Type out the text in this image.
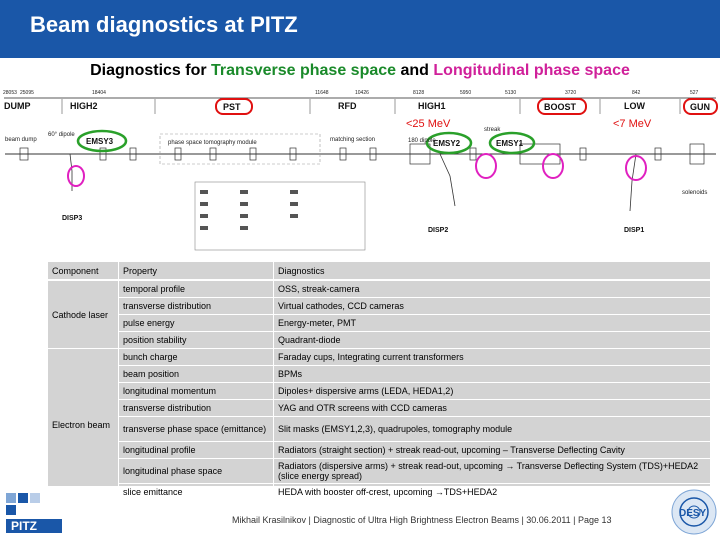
Beam diagnostics at PITZ
Diagnostics for Transverse phase space and Longitudinal phase space
28053 25095	18404	11648	10426	8128	5950	5130	3720	842	527
DUMP	HIGH2	PST	RFD	HIGH1	BOOST	LOW	GUN
<25 MeV	<7 MeV
EMSY3	EMSY2	EMSY1
beam dump
60° dipole
phase space tomography module	matching section	180 dipole
streak
solenoids
DISP3
DISP2	DISP1
Component	Property	Diagnostics
Cathode laser	temporal profile	OSS, streak-camera
	transverse distribution	Virtual cathodes, CCD cameras
	pulse energy	Energy-meter, PMT
	position stability	Quadrant-diode
Electron beam	bunch charge	Faraday cups, Integrating current transformers
	beam position	BPMs
	longitudinal momentum	Dipoles+ dispersive arms (LEDA, HEDA1,2)
	transverse distribution	YAG and OTR screens with CCD cameras
	transverse phase space (emittance)	Slit masks (EMSY1,2,3), quadrupoles, tomography module
	longitudinal profile	Radiators (straight section) + streak read-out, upcoming – Transverse Deflecting Cavity
	longitudinal phase space	Radiators (dispersive arms) + streak read-out, upcoming → Transverse Deflecting System (TDS)+HEDA2 (slice energy spread)
	slice emittance	HEDA with booster off-crest, upcoming →TDS+HEDA2
PITZ	Mikhail Krasilnikov | Diagnostic of Ultra High Brightness Electron Beams | 30.06.2011 | Page 13
DESY
